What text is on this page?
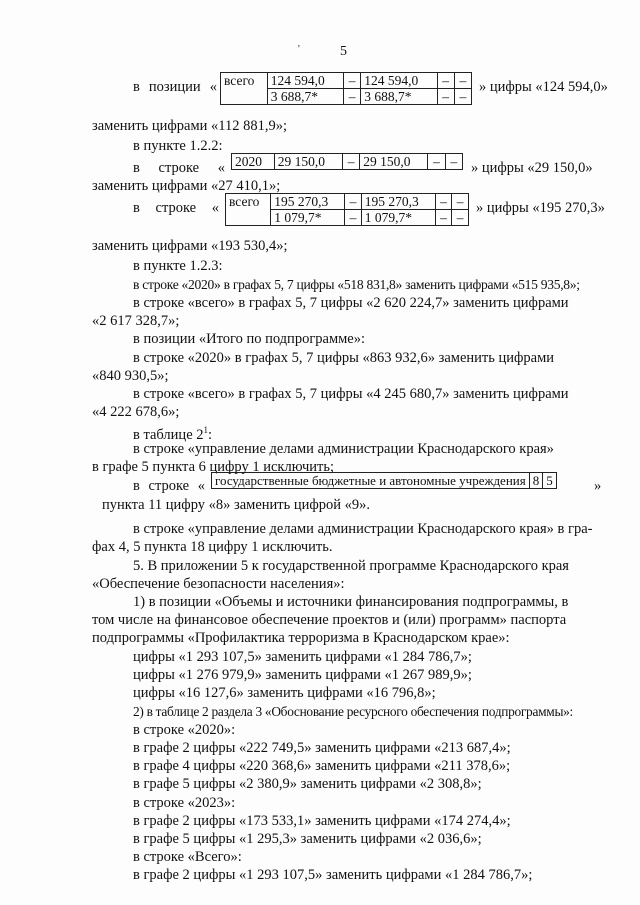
'	5
в позиции « всего	124 594,0	–	124 594,0	–	–
	3 688,7*	–	3 688,7*	–	–
» цифры «124 594,0»
заменить цифрами «112 881,9»;
в пункте 1.2.2:
в строке « 2020	29 150,0	–	29 150,0	–	– » цифры «29 150,0»
заменить цифрами «27 410,1»;
в строке « всего	195 270,3	–	195 270,3	–	–
	1 079,7*	–	1 079,7*	–	–
» цифры «195 270,3»
заменить цифрами «193 530,4»;
в пункте 1.2.3:
в строке «2020» в графах 5, 7 цифры «518 831,8» заменить цифрами «515 935,8»;
в строке «всего» в графах 5, 7 цифры «2 620 224,7» заменить цифрами
«2 617 328,7»;
в позиции «Итого по подпрограмме»:
в строке «2020» в графах 5, 7 цифры «863 932,6» заменить цифрами
«840 930,5»;
в строке «всего» в графах 5, 7 цифры «4 245 680,7» заменить цифрами
«4 222 678,6»;
в таблице $2^1$:
в строке «управление делами администрации Краснодарского края»
в графе 5 пункта 6 цифру 1 исключить;
в строке « государственные бюджетные и автономные учреждения	8	5	»
пункта 11 цифру «8» заменить цифрой «9».
в строке «управление делами администрации Краснодарского края» в гра-
фах 4, 5 пункта 18 цифру 1 исключить.
5. В приложении 5 к государственной программе Краснодарского края
«Обеспечение безопасности населения»:
1) в позиции «Объемы и источники финансирования подпрограммы, в
том числе на финансовое обеспечение проектов и (или) программ» паспорта
подпрограммы «Профилактика терроризма в Краснодарском крае»:
цифры «1 293 107,5» заменить цифрами «1 284 786,7»;
цифры «1 276 979,9» заменить цифрами «1 267 989,9»;
цифры «16 127,6» заменить цифрами «16 796,8»;
2) в таблице 2 раздела 3 «Обоснование ресурсного обеспечения подпрограммы»:
в строке «2020»:
в графе 2 цифры «222 749,5» заменить цифрами «213 687,4»;
в графе 4 цифры «220 368,6» заменить цифрами «211 378,6»;
в графе 5 цифры «2 380,9» заменить цифрами «2 308,8»;
в строке «2023»:
в графе 2 цифры «173 533,1» заменить цифрами «174 274,4»;
в графе 5 цифры «1 295,3» заменить цифрами «2 036,6»;
в строке «Всего»:
в графе 2 цифры «1 293 107,5» заменить цифрами «1 284 786,7»;
